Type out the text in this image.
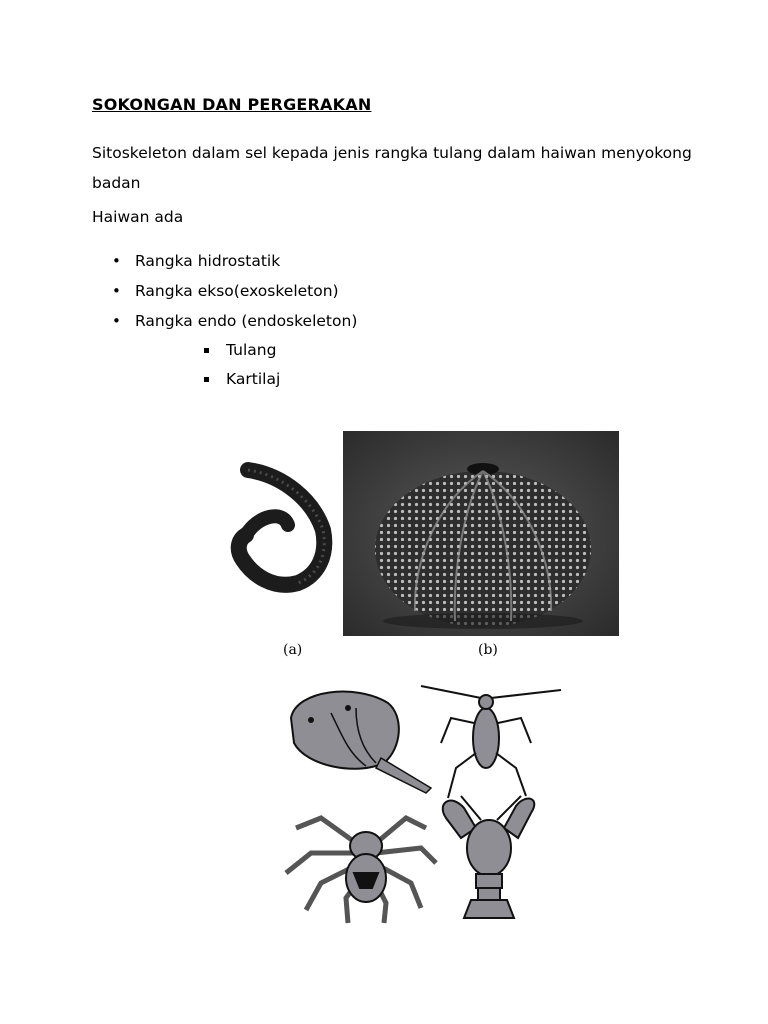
SOKONGAN DAN PERGERAKAN
Sitoskeleton dalam sel kepada jenis rangka tulang dalam haiwan menyokong badan
Haiwan ada
• Rangka hidrostatik
• Rangka ekso(exoskeleton)
• Rangka endo (endoskeleton)
Tulang
Kartilaj
(a)	(b)
